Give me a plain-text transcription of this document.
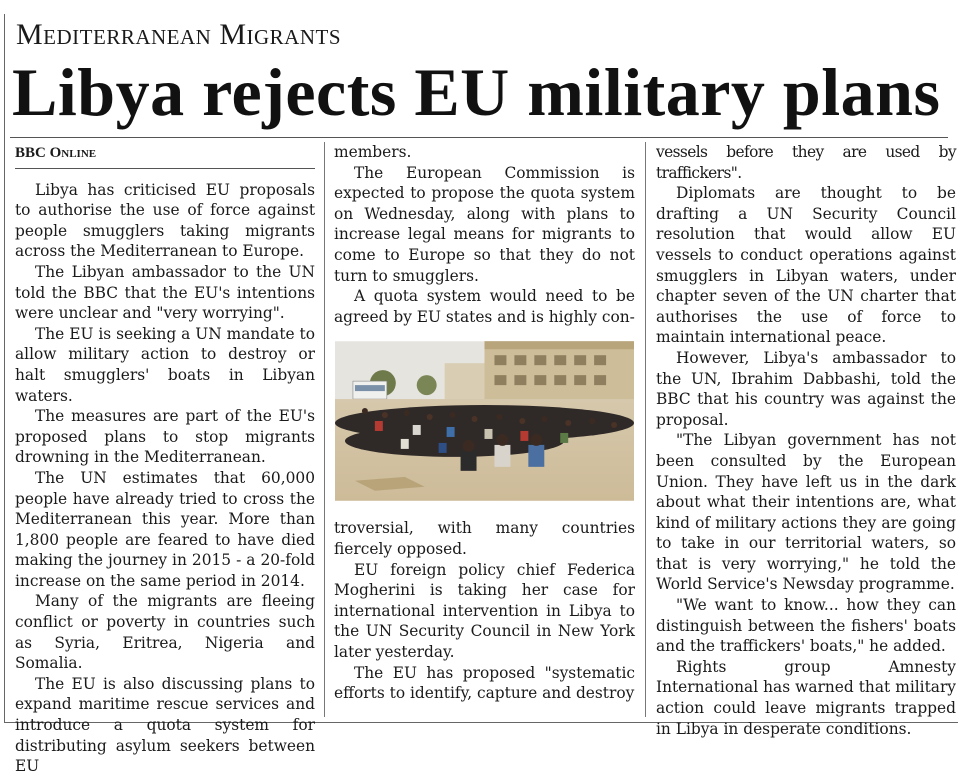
Mediterranean Migrants
Libya rejects EU military plans
BBC Online

Libya has criticised EU proposals to authorise the use of force against people smugglers taking migrants across the Mediterranean to Europe.

The Libyan ambassador to the UN told the BBC that the EU's intentions were unclear and "very worrying".

The EU is seeking a UN mandate to allow military action to destroy or halt smugglers' boats in Libyan waters.

The measures are part of the EU's proposed plans to stop migrants drowning in the Mediterranean.

The UN estimates that 60,000 people have already tried to cross the Mediterranean this year. More than 1,800 people are feared to have died making the journey in 2015 - a 20-fold increase on the same period in 2014.

Many of the migrants are fleeing conflict or poverty in countries such as Syria, Eritrea, Nigeria and Somalia.

The EU is also discussing plans to expand maritime rescue services and introduce a quota system for distributing asylum seekers between EU

members.

The European Commission is expected to propose the quota system on Wednesday, along with plans to increase legal means for migrants to come to Europe so that they do not turn to smugglers.

A quota system would need to be agreed by EU states and is highly con-

troversial, with many countries fiercely opposed.

EU foreign policy chief Federica Mogherini is taking her case for international intervention in Libya to the UN Security Council in New York later yesterday.

The EU has proposed "systematic efforts to identify, capture and destroy

vessels before they are used by traffickers".

Diplomats are thought to be drafting a UN Security Council resolution that would allow EU vessels to conduct operations against smugglers in Libyan waters, under chapter seven of the UN charter that authorises the use of force to maintain international peace.

However, Libya's ambassador to the UN, Ibrahim Dabbashi, told the BBC that his country was against the proposal.

"The Libyan government has not been consulted by the European Union. They have left us in the dark about what their intentions are, what kind of military actions they are going to take in our territorial waters, so that is very worrying," he told the World Service's Newsday programme.

"We want to know... how they can distinguish between the fishers' boats and the traffickers' boats," he added.

Rights group Amnesty International has warned that military action could leave migrants trapped in Libya in desperate conditions.
